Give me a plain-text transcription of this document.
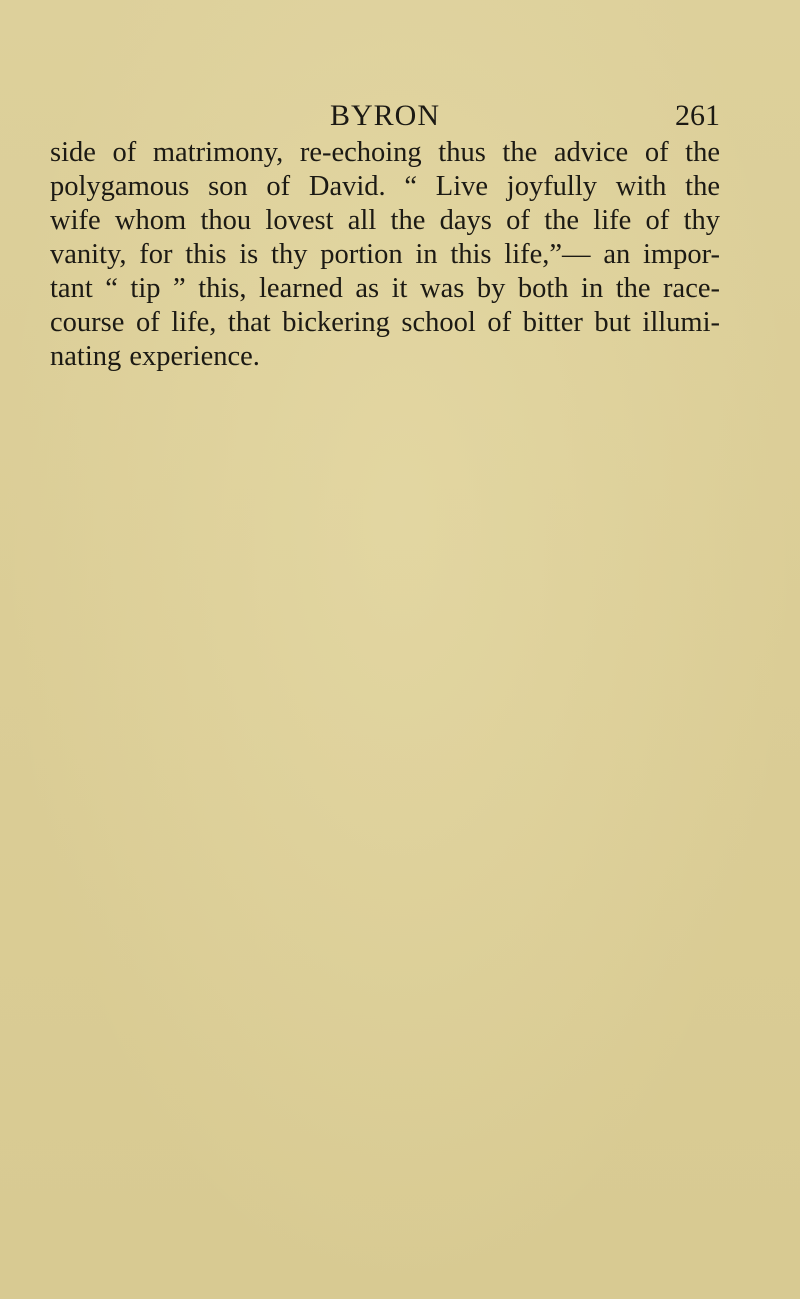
BYRON	261
side of matrimony, re-echoing thus the advice of the
polygamous son of David. “ Live joyfully with the
wife whom thou lovest all the days of the life of thy
vanity, for this is thy portion in this life,”— an impor-
tant “ tip ” this, learned as it was by both in the race-
course of life, that bickering school of bitter but illumi-
nating experience.
